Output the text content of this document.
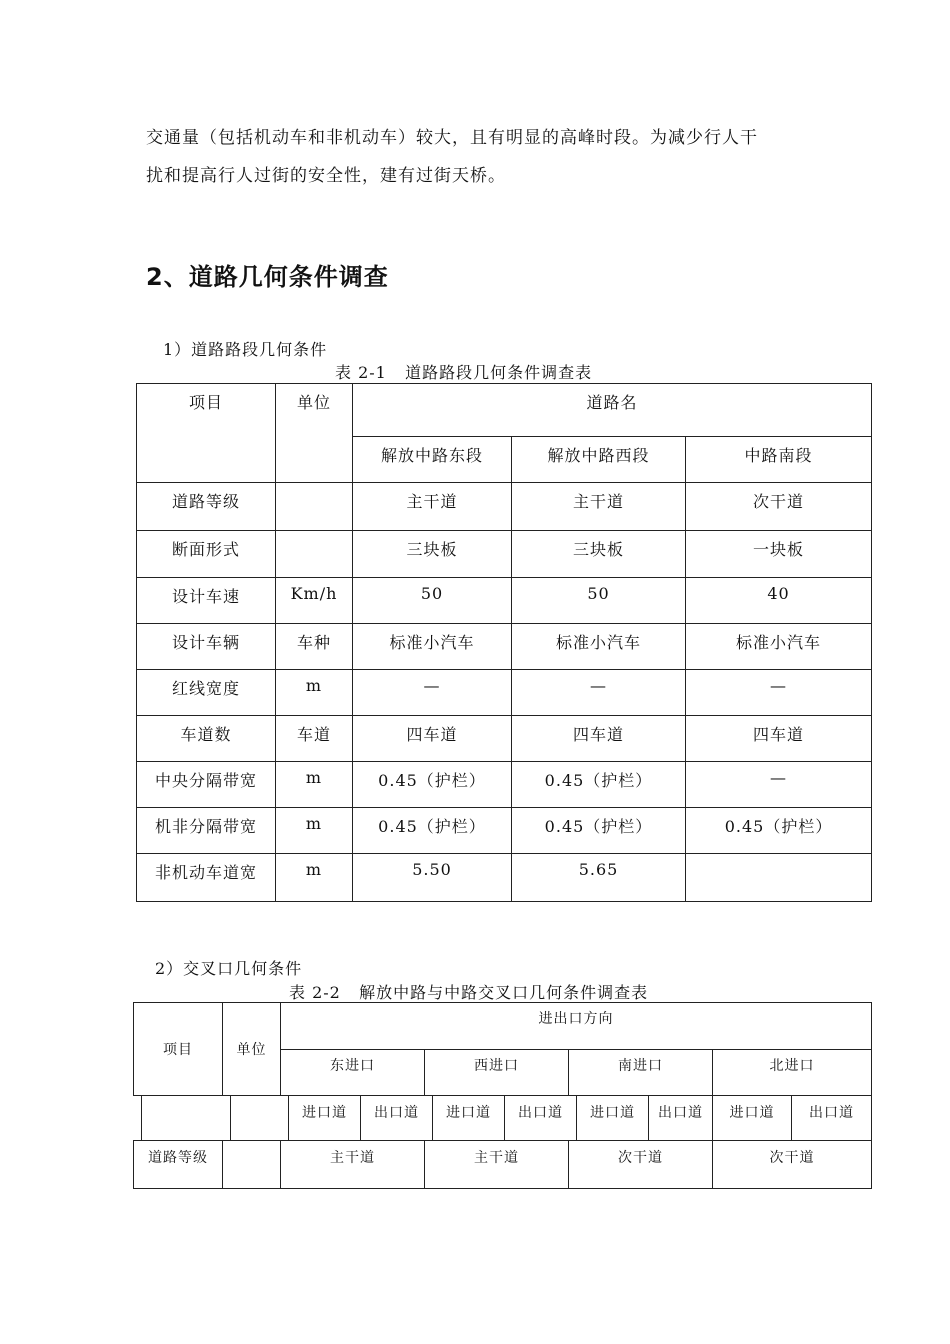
交通量（包括机动车和非机动车）较大，且有明显的高峰时段。为减少行人干
扰和提高行人过街的安全性，建有过街天桥。
2、道路几何条件调查
1）道路路段几何条件
表 2-1   道路路段几何条件调查表
项目	单位	道路名		
		解放中路东段	解放中路西段	中路南段
道路等级		主干道	主干道	次干道
断面形式		三块板	三块板	一块板
设计车速	Km/h	50	50	40
设计车辆	车种	标准小汽车	标准小汽车	标准小汽车
红线宽度	m	—	—	—
车道数	车道	四车道	四车道	四车道
中央分隔带宽	m	0.45（护栏）	0.45（护栏）	—
机非分隔带宽	m	0.45（护栏）	0.45（护栏）	0.45（护栏）
非机动车道宽	m	5.50	5.65	
2）交叉口几何条件
表 2-2   解放中路与中路交叉口几何条件调查表
项目	单位	进出口方向			
		东进口	西进口	南进口	北进口
		进口道	出口道	进口道	出口道	进口道	出口道	进口道	出口道
道路等级		主干道	主干道	次干道	次干道
